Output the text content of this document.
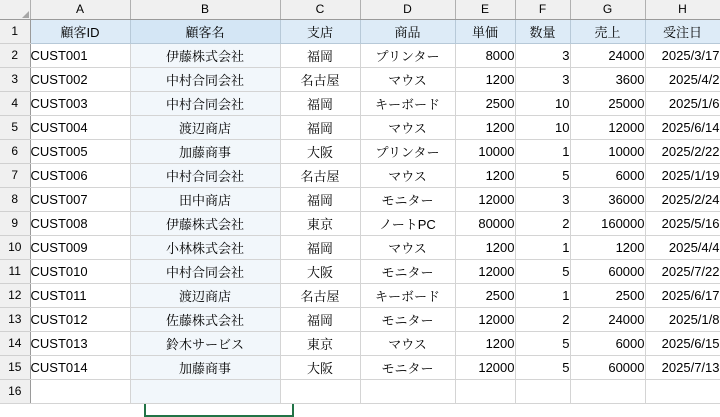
	A	B	C	D	E	F	G	H
1	顧客ID	顧客名	支店	商品	単価	数量	売上	受注日
2	CUST001	伊藤株式会社	福岡	プリンター	8000	3	24000	2025/3/17
3	CUST002	中村合同会社	名古屋	マウス	1200	3	3600	2025/4/2
4	CUST003	中村合同会社	福岡	キーボード	2500	10	25000	2025/1/6
5	CUST004	渡辺商店	福岡	マウス	1200	10	12000	2025/6/14
6	CUST005	加藤商事	大阪	プリンター	10000	1	10000	2025/2/22
7	CUST006	中村合同会社	名古屋	マウス	1200	5	6000	2025/1/19
8	CUST007	田中商店	福岡	モニター	12000	3	36000	2025/2/24
9	CUST008	伊藤株式会社	東京	ノートPC	80000	2	160000	2025/5/16
10	CUST009	小林株式会社	福岡	マウス	1200	1	1200	2025/4/4
11	CUST010	中村合同会社	大阪	モニター	12000	5	60000	2025/7/22
12	CUST011	渡辺商店	名古屋	キーボード	2500	1	2500	2025/6/17
13	CUST012	佐藤株式会社	福岡	モニター	12000	2	24000	2025/1/8
14	CUST013	鈴木サービス	東京	マウス	1200	5	6000	2025/6/15
15	CUST014	加藤商事	大阪	モニター	12000	5	60000	2025/7/13
16								
